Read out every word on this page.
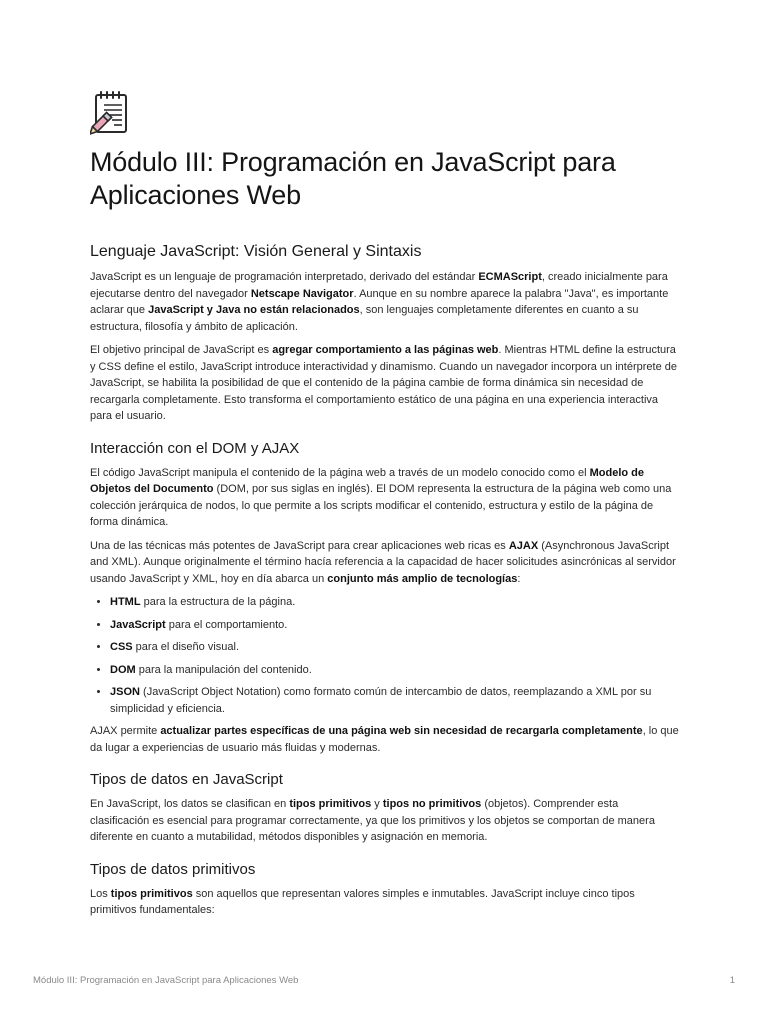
Módulo III: Programación en JavaScript para Aplicaciones Web
Lenguaje JavaScript: Visión General y Sintaxis

JavaScript es un lenguaje de programación interpretado, derivado del estándar ECMAScript, creado inicialmente para ejecutarse dentro del navegador Netscape Navigator. Aunque en su nombre aparece la palabra "Java", es importante aclarar que JavaScript y Java no están relacionados, son lenguajes completamente diferentes en cuanto a su estructura, filosofía y ámbito de aplicación.

El objetivo principal de JavaScript es agregar comportamiento a las páginas web. Mientras HTML define la estructura y CSS define el estilo, JavaScript introduce interactividad y dinamismo. Cuando un navegador incorpora un intérprete de JavaScript, se habilita la posibilidad de que el contenido de la página cambie de forma dinámica sin necesidad de recargarla completamente. Esto transforma el comportamiento estático de una página en una experiencia interactiva para el usuario.

Interacción con el DOM y AJAX

El código JavaScript manipula el contenido de la página web a través de un modelo conocido como el Modelo de Objetos del Documento (DOM, por sus siglas en inglés). El DOM representa la estructura de la página web como una colección jerárquica de nodos, lo que permite a los scripts modificar el contenido, estructura y estilo de la página de forma dinámica.

Una de las técnicas más potentes de JavaScript para crear aplicaciones web ricas es AJAX (Asynchronous JavaScript and XML). Aunque originalmente el término hacía referencia a la capacidad de hacer solicitudes asincrónicas al servidor usando JavaScript y XML, hoy en día abarca un conjunto más amplio de tecnologías:

• HTML para la estructura de la página.
• JavaScript para el comportamiento.
• CSS para el diseño visual.
• DOM para la manipulación del contenido.
• JSON (JavaScript Object Notation) como formato común de intercambio de datos, reemplazando a XML por su simplicidad y eficiencia.

AJAX permite actualizar partes específicas de una página web sin necesidad de recargarla completamente, lo que da lugar a experiencias de usuario más fluidas y modernas.

Tipos de datos en JavaScript

En JavaScript, los datos se clasifican en tipos primitivos y tipos no primitivos (objetos). Comprender esta clasificación es esencial para programar correctamente, ya que los primitivos y los objetos se comportan de manera diferente en cuanto a mutabilidad, métodos disponibles y asignación en memoria.

Tipos de datos primitivos

Los tipos primitivos son aquellos que representan valores simples e inmutables. JavaScript incluye cinco tipos primitivos fundamentales:

Módulo III: Programación en JavaScript para Aplicaciones Web	1
